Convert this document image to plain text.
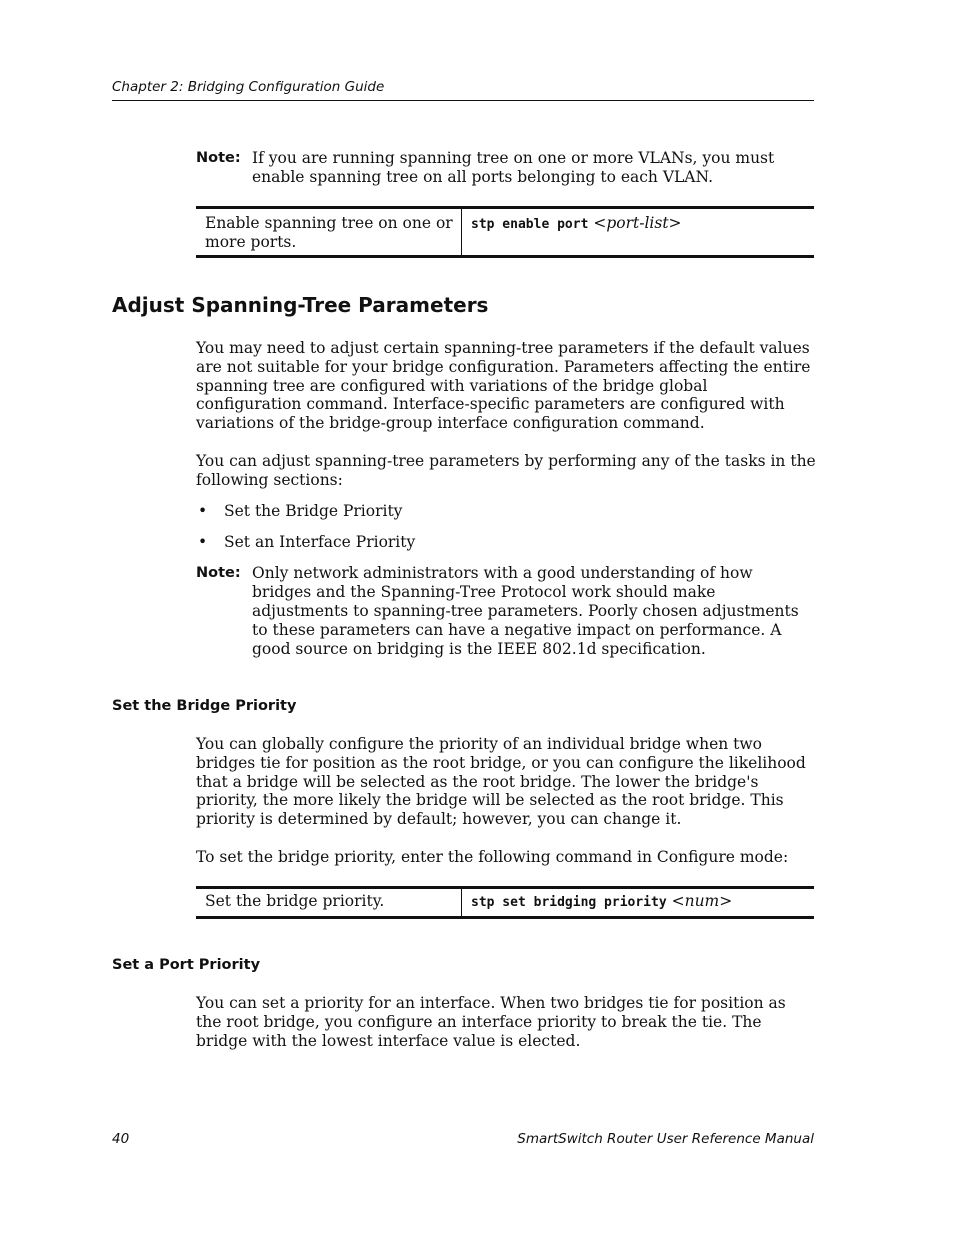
Chapter 2: Bridging Configuration Guide
Note: If you are running spanning tree on one or more VLANs, you must enable spanning tree on all ports belonging to each VLAN.
Enable spanning tree on one or more ports.
stp enable port <port-list>
Adjust Spanning-Tree Parameters

You may need to adjust certain spanning-tree parameters if the default values are not suitable for your bridge configuration. Parameters affecting the entire spanning tree are configured with variations of the bridge global configuration command. Interface-specific parameters are configured with variations of the bridge-group interface configuration command.

You can adjust spanning-tree parameters by performing any of the tasks in the following sections:

• Set the Bridge Priority
• Set an Interface Priority
Note: Only network administrators with a good understanding of how bridges and the Spanning-Tree Protocol work should make adjustments to spanning-tree parameters. Poorly chosen adjustments to these parameters can have a negative impact on performance. A good source on bridging is the IEEE 802.1d specification.
Set the Bridge Priority

You can globally configure the priority of an individual bridge when two bridges tie for position as the root bridge, or you can configure the likelihood that a bridge will be selected as the root bridge. The lower the bridge's priority, the more likely the bridge will be selected as the root bridge. This priority is determined by default; however, you can change it.

To set the bridge priority, enter the following command in Configure mode:

Set the bridge priority.	stp set bridging priority <num>
Set a Port Priority

You can set a priority for an interface. When two bridges tie for position as the root bridge, you configure an interface priority to break the tie. The bridge with the lowest interface value is elected.

40	SmartSwitch Router User Reference Manual
